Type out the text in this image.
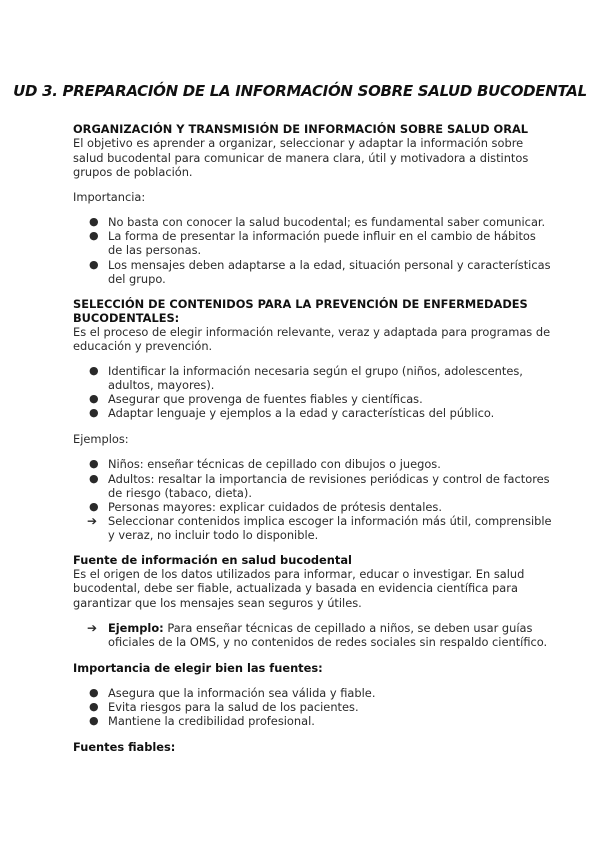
UD 3. PREPARACIÓN DE LA INFORMACIÓN SOBRE SALUD BUCODENTAL
ORGANIZACIÓN Y TRANSMISIÓN DE INFORMACIÓN SOBRE SALUD ORAL
El objetivo es aprender a organizar, seleccionar y adaptar la información sobre
salud bucodental para comunicar de manera clara, útil y motivadora a distintos
grupos de población.
Importancia:
● No basta con conocer la salud bucodental; es fundamental saber comunicar.
● La forma de presentar la información puede influir en el cambio de hábitos
de las personas.
● Los mensajes deben adaptarse a la edad, situación personal y características
del grupo.
SELECCIÓN DE CONTENIDOS PARA LA PREVENCIÓN DE ENFERMEDADES
BUCODENTALES:
Es el proceso de elegir información relevante, veraz y adaptada para programas de
educación y prevención.
● Identificar la información necesaria según el grupo (niños, adolescentes,
adultos, mayores).
● Asegurar que provenga de fuentes fiables y científicas.
● Adaptar lenguaje y ejemplos a la edad y características del público.
Ejemplos:
● Niños: enseñar técnicas de cepillado con dibujos o juegos.
● Adultos: resaltar la importancia de revisiones periódicas y control de factores
de riesgo (tabaco, dieta).
● Personas mayores: explicar cuidados de prótesis dentales.
➔ Seleccionar contenidos implica escoger la información más útil, comprensible
y veraz, no incluir todo lo disponible.
Fuente de información en salud bucodental
Es el origen de los datos utilizados para informar, educar o investigar. En salud
bucodental, debe ser fiable, actualizada y basada en evidencia científica para
garantizar que los mensajes sean seguros y útiles.
➔ Ejemplo: Para enseñar técnicas de cepillado a niños, se deben usar guías
oficiales de la OMS, y no contenidos de redes sociales sin respaldo científico.
Importancia de elegir bien las fuentes:
● Asegura que la información sea válida y fiable.
● Evita riesgos para la salud de los pacientes.
● Mantiene la credibilidad profesional.
Fuentes fiables:
